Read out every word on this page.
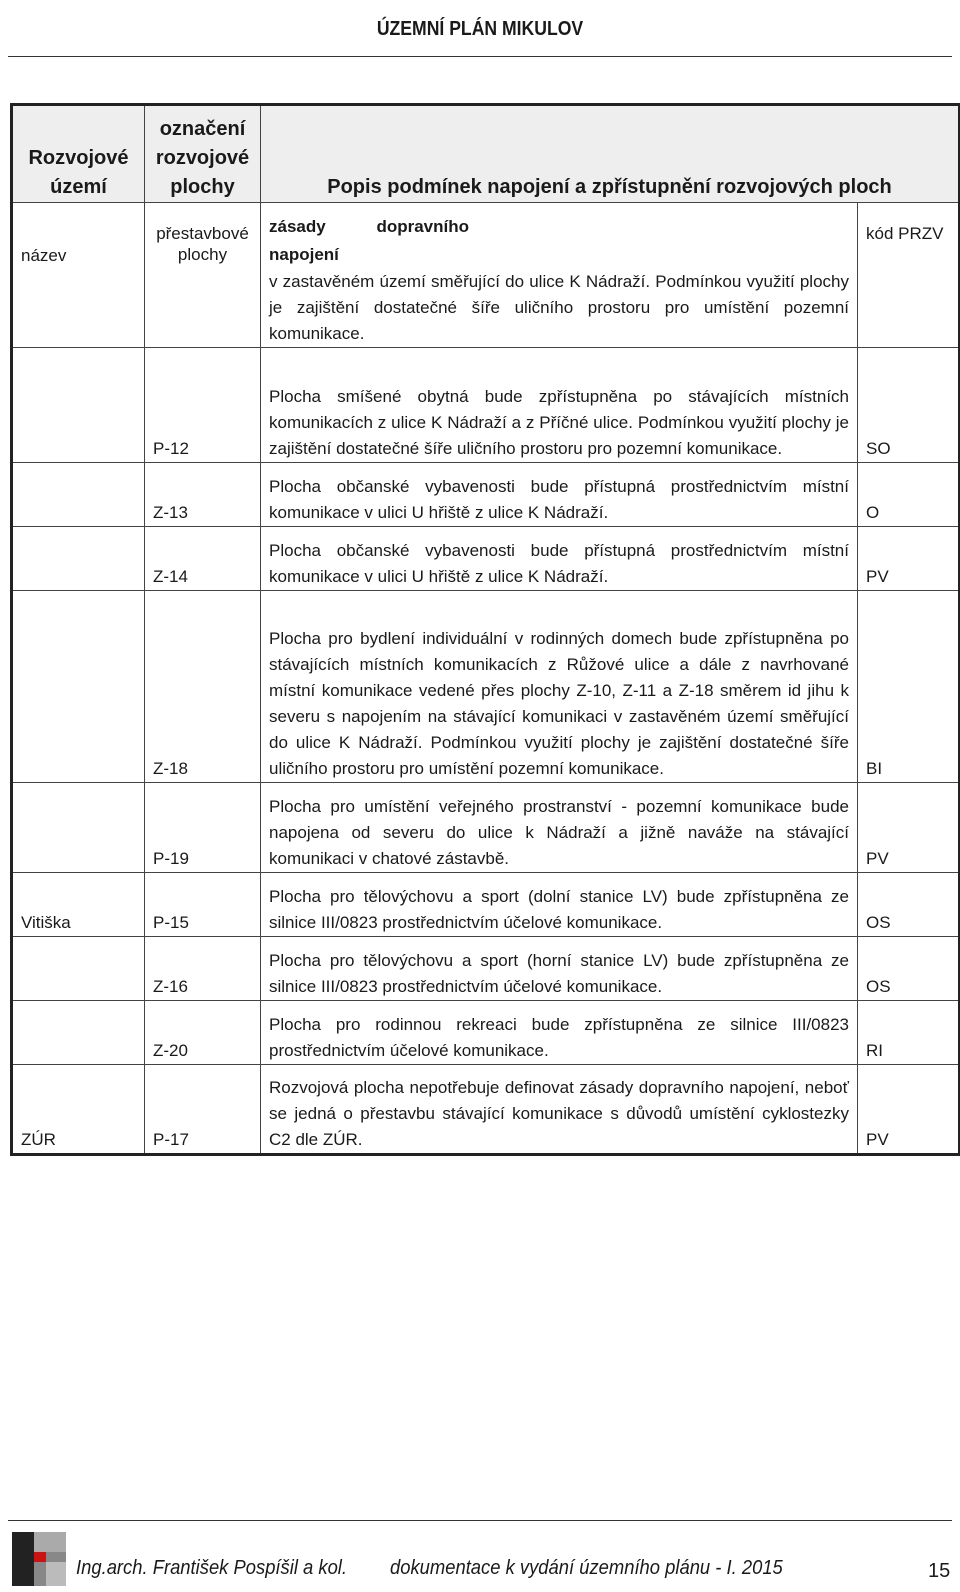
ÚZEMNÍ PLÁN MIKULOV
Rozvojové území	označení rozvojové plochy	Popis podmínek napojení a zpřístupnění rozvojových ploch	
název	přestavbové plochy	zásady dopravního napojení
v zastavěném území směřující do ulice K Nádraží. Podmínkou využití plochy je zajištění dostatečné šíře uličního prostoru pro umístění pozemní komunikace.	kód PRZV
	P-12	Plocha smíšené obytná bude zpřístupněna po stávajících místních komunikacích z ulice K Nádraží a z Příčné ulice. Podmínkou využití plochy je zajištění dostatečné šíře uličního prostoru pro pozemní komunikace.	SO
	Z-13	Plocha občanské vybavenosti bude přístupná prostřednictvím místní komunikace v ulici U hřiště z ulice K Nádraží.	O
	Z-14	Plocha občanské vybavenosti bude přístupná prostřednictvím místní komunikace v ulici U hřiště z ulice K Nádraží.	PV
	Z-18	Plocha pro bydlení individuální v rodinných domech bude zpřístupněna po stávajících místních komunikacích z Růžové ulice a dále z navrhované místní komunikace vedené přes plochy Z-10, Z-11 a Z-18 směrem id jihu k severu s napojením na stávající komunikaci v zastavěném území směřující do ulice K Nádraží. Podmínkou využití plochy je zajištění dostatečné šíře uličního prostoru pro umístění pozemní komunikace.	BI
	P-19	Plocha pro umístění veřejného prostranství - pozemní komunikace bude napojena od severu do ulice k Nádraží a jižně naváže na stávající komunikaci v chatové zástavbě.	PV
Vitiška	P-15	Plocha pro tělovýchovu a sport (dolní stanice LV) bude zpřístupněna ze silnice III/0823 prostřednictvím účelové komunikace.	OS
	Z-16	Plocha pro tělovýchovu a sport (horní stanice LV) bude zpřístupněna ze silnice III/0823 prostřednictvím účelové komunikace.	OS
	Z-20	Plocha pro rodinnou rekreaci bude zpřístupněna ze silnice III/0823 prostřednictvím účelové komunikace.	RI
ZÚR	P-17	Rozvojová plocha nepotřebuje definovat zásady dopravního napojení, neboť se jedná o přestavbu stávající komunikace s důvodů umístění cyklostezky C2 dle ZÚR.	PV
Ing.arch. František Pospíšil a kol. dokumentace k vydání územního plánu - I. 2015	15
